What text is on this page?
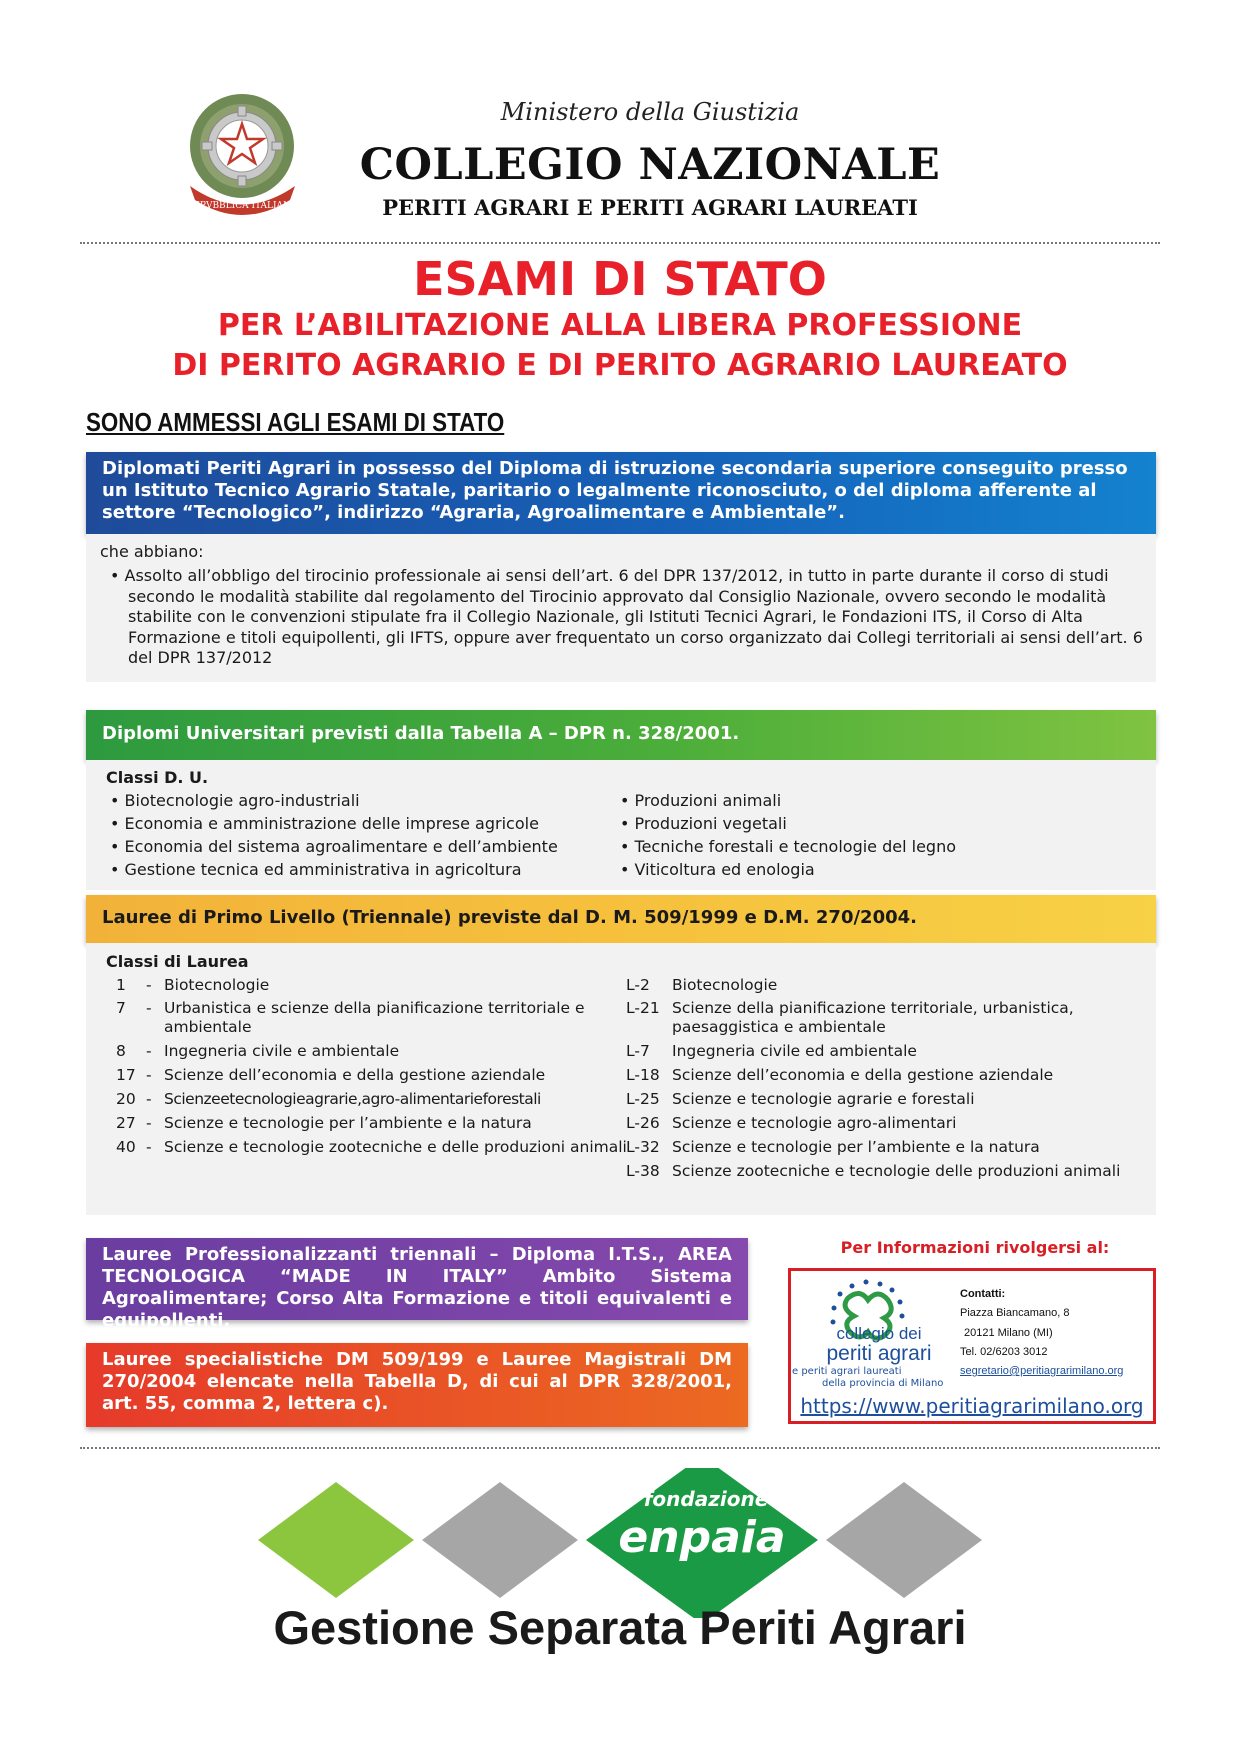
REPVBBLICA ITALIANA
Ministero della Giustizia
COLLEGIO NAZIONALE
PERITI AGRARI E PERITI AGRARI LAUREATI
ESAMI DI STATO
PER L’ABILITAZIONE ALLA LIBERA PROFESSIONE
DI PERITO AGRARIO E DI PERITO AGRARIO LAUREATO
SONO AMMESSI AGLI ESAMI DI STATO
Diplomati Periti Agrari in possesso del Diploma di istruzione secondaria superiore conseguito presso un Istituto Tecnico Agrario Statale, paritario o legalmente riconosciuto, o del diploma afferente al settore “Tecnologico”, indirizzo “Agraria, Agroalimentare e Ambientale”.
che abbiano:
• Assolto all’obbligo del tirocinio professionale ai sensi dell’art. 6 del DPR 137/2012, in tutto in parte durante il corso di studi secondo le modalità stabilite dal regolamento del Tirocinio approvato dal Consiglio Nazionale, ovvero secondo le modalità stabilite con le convenzioni stipulate fra il Collegio Nazionale, gli Istituti Tecnici Agrari, le Fondazioni ITS, il Corso di Alta Formazione e titoli equipollenti, gli IFTS, oppure aver frequentato un corso organizzato dai Collegi territoriali ai sensi dell’art. 6 del DPR 137/2012
Diplomi Universitari previsti dalla Tabella A – DPR n. 328/2001.
Classi D. U.
• Biotecnologie agro-industriali
• Economia e amministrazione delle imprese agricole
• Economia del sistema agroalimentare e dell’ambiente
• Gestione tecnica ed amministrativa in agricoltura
• Produzioni animali
• Produzioni vegetali
• Tecniche forestali e tecnologie del legno
• Viticoltura ed enologia
Lauree di Primo Livello (Triennale) previste dal D. M. 509/1999 e D.M. 270/2004.
Classi di Laurea
1	- Biotecnologie
7	- Urbanistica e scienze della pianificazione territoriale e ambientale
8	- Ingegneria civile e ambientale
17 - Scienze dell’economia e della gestione aziendale
20 - Scienzeetecnologieagrarie,agro-alimentarieforestali
27 - Scienze e tecnologie per l’ambiente e la natura
40 - Scienze e tecnologie zootecniche e delle produzioni animali
L-2	Biotecnologie
L-21 Scienze della pianificazione territoriale, urbanistica, paesaggistica e ambientale
L-7	Ingegneria civile ed ambientale
L-18 Scienze dell’economia e della gestione aziendale
L-25 Scienze e tecnologie agrarie e forestali
L-26 Scienze e tecnologie agro-alimentari
L-32 Scienze e tecnologie per l’ambiente e la natura
L-38 Scienze zootecniche e tecnologie delle produzioni animali
Lauree Professionalizzanti triennali – Diploma I.T.S., AREA TECNOLOGICA “MADE IN ITALY” Ambito Sistema Agroalimentare; Corso Alta Formazione e titoli equivalenti e equipollenti.
Lauree specialistiche DM 509/199 e Lauree Magistrali DM 270/2004 elencate nella Tabella D, di cui al DPR 328/2001, art. 55, comma 2, lettera c).
Per Informazioni rivolgersi al:
collegio dei
periti agrari
e periti agrari laureati
della provincia di Milano
Contatti:
Piazza Biancamano, 8
20121 Milano (MI)
Tel. 02/6203 3012
segretario@peritiagrarimilano.org
https://www.peritiagrarimilano.org
fondazione
enpaia
Gestione Separata Periti Agrari
